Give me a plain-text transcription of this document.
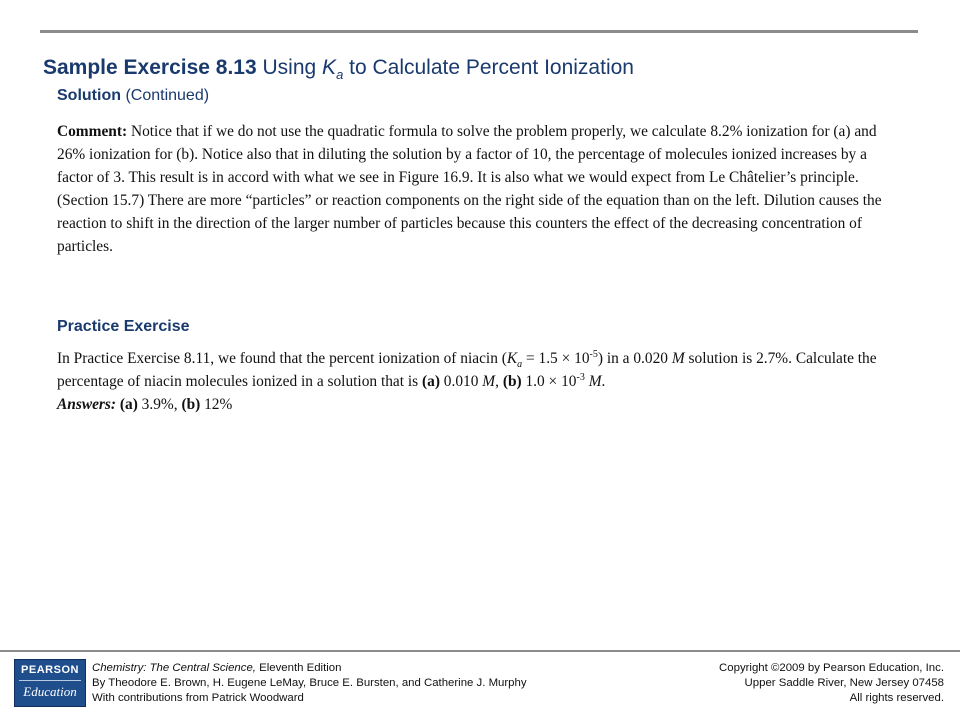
Sample Exercise 8.13 Using $K_a$ to Calculate Percent Ionization
Solution (Continued)
Comment: Notice that if we do not use the quadratic formula to solve the problem properly, we calculate 8.2% ionization for (a) and 26% ionization for (b). Notice also that in diluting the solution by a factor of 10, the percentage of molecules ionized increases by a factor of 3. This result is in accord with what we see in Figure 16.9. It is also what we would expect from Le Châtelier’s principle. (Section 15.7) There are more “particles” or reaction components on the right side of the equation than on the left. Dilution causes the reaction to shift in the direction of the larger number of particles because this counters the effect of the decreasing concentration of particles.
Practice Exercise
In Practice Exercise 8.11, we found that the percent ionization of niacin $(K_a = 1.5 \times 10^{-5})$ in a 0.020 M solution is 2.7%. Calculate the percentage of niacin molecules ionized in a solution that is (a) 0.010 M, (b) $1.0 \times 10^{-3}$ M.
Answers: (a) 3.9%, (b) 12%
PEARSON
Education
Chemistry: The Central Science, Eleventh Edition
By Theodore E. Brown, H. Eugene LeMay, Bruce E. Bursten, and Catherine J. Murphy
With contributions from Patrick Woodward
Copyright ©2009 by Pearson Education, Inc.
Upper Saddle River, New Jersey 07458
All rights reserved.
